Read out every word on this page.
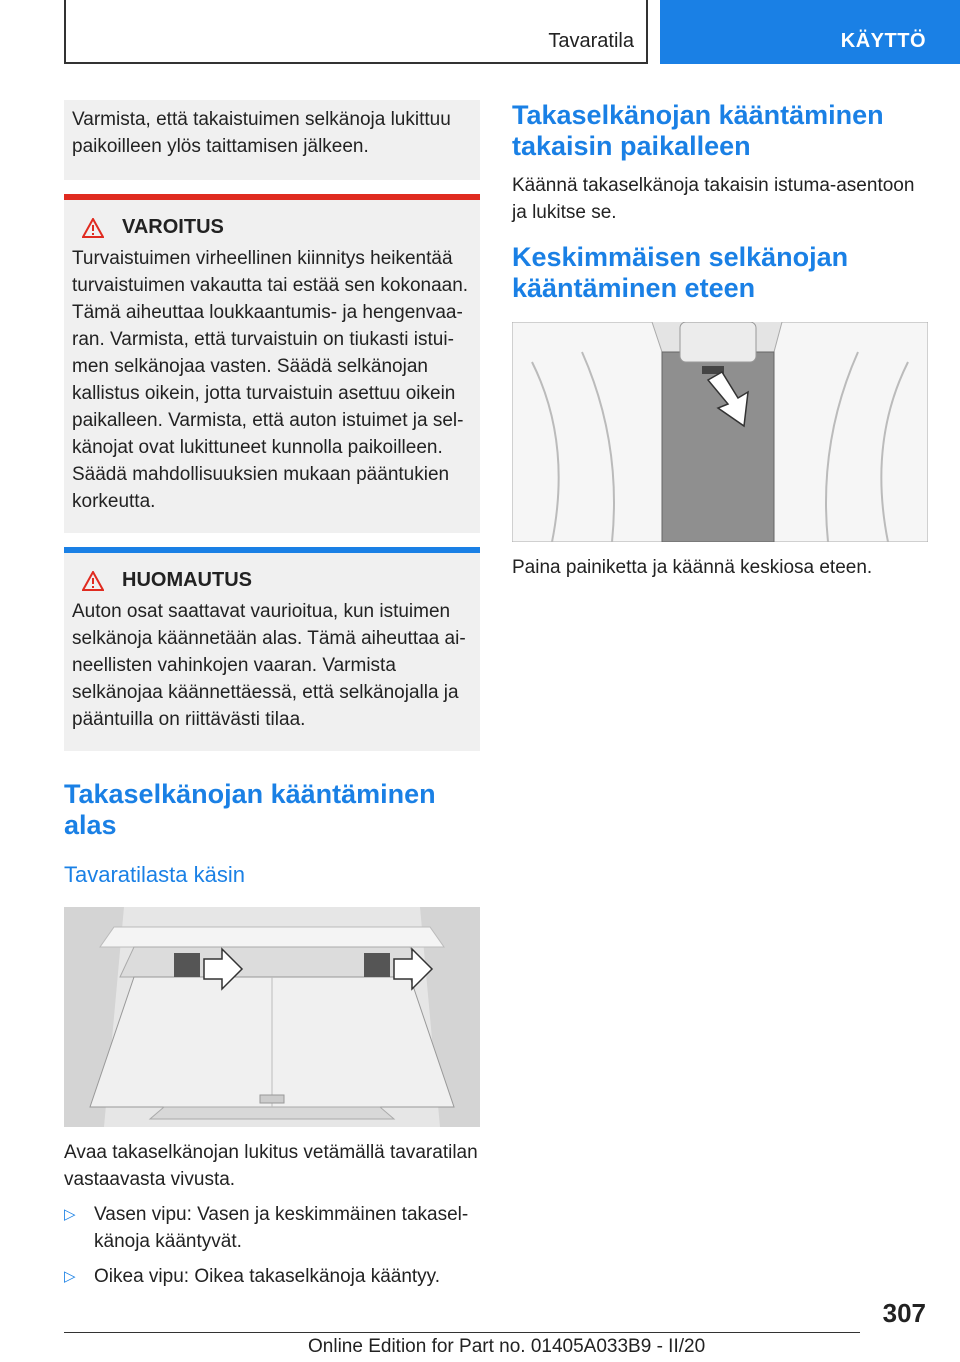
Tavaratila	KÄYTTÖ

Varmista, että takaistuimen selkänoja lukittuu paikoilleen ylös taittamisen jälkeen.

VAROITUS

Turvaistuimen virheellinen kiinnitys heikentää turvaistuimen vakautta tai estää sen kokonaan. Tämä aiheuttaa loukkaantumis- ja hengenvaaran. Varmista, että turvaistuin on tiukasti istuimen selkänojaa vasten. Säädä selkänojan kallistus oikein, jotta turvaistuin asettuu oikein paikalleen. Varmista, että auton istuimet ja selkänojat ovat lukittuneet kunnolla paikoilleen. Säädä mahdollisuuksien mukaan pääntukien korkeutta.

HUOMAUTUS

Auton osat saattavat vaurioitua, kun istuimen selkänoja käännetään alas. Tämä aiheuttaa aineellisten vahinkojen vaaran. Varmista selkänojaa käännettäessä, että selkänojalla ja pääntuilla on riittävästi tilaa.

Takaselkänojan kääntäminen alas
Tavaratilasta käsin

Avaa takaselkänojan lukitus vetämällä tavaratilan vastaavasta vivusta.

▷ Vasen vipu: Vasen ja keskimmäinen takaselkänoja kääntyvät.
▷ Oikea vipu: Oikea takaselkänoja kääntyy.
Takaselkänojan kääntäminen takaisin paikalleen

Käännä takaselkänoja takaisin istuma-asentoon ja lukitse se.

Keskimmäisen selkänojan kääntäminen eteen

Paina painiketta ja käännä keskiosa eteen.

307
Online Edition for Part no. 01405A033B9 - II/20
